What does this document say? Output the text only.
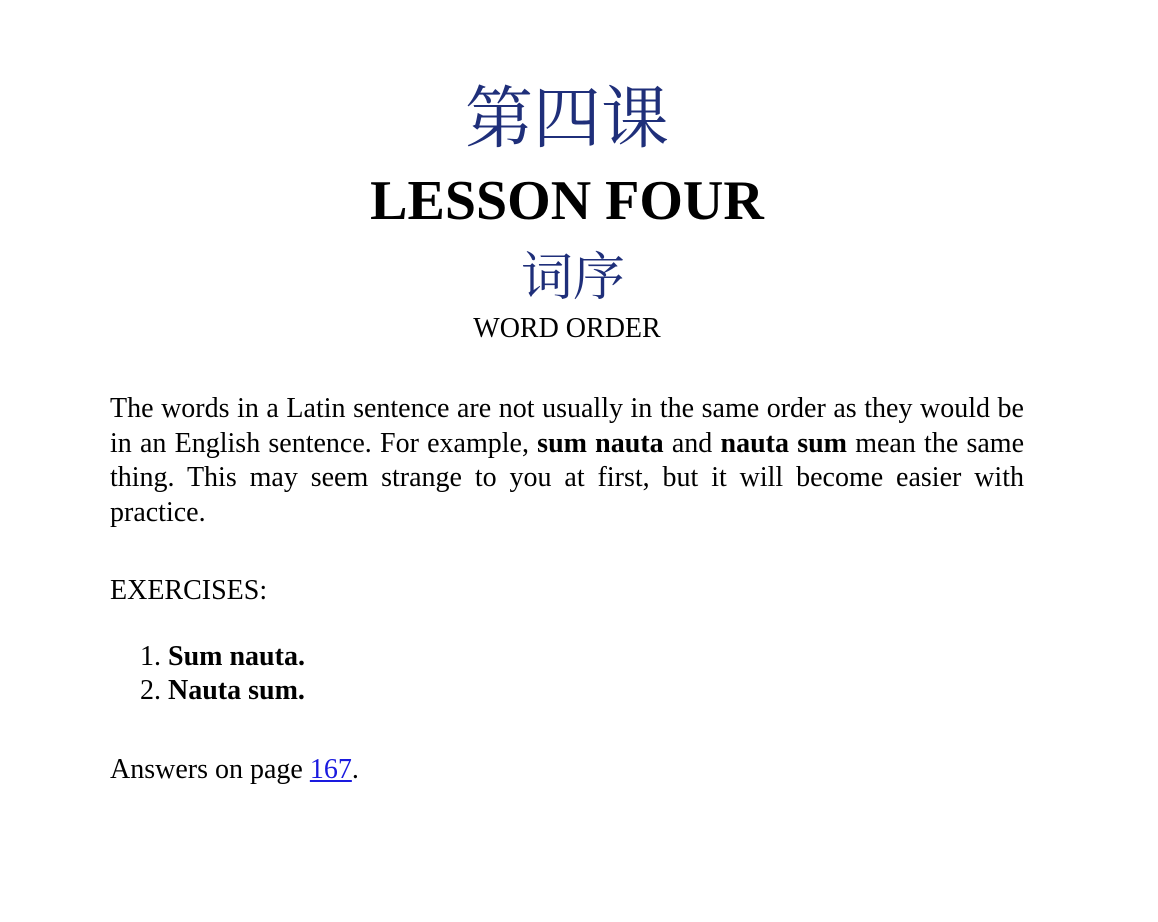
第四课
LESSON FOUR
词序
WORD ORDER

The words in a Latin sentence are not usually in the same order as they would be in an English sentence. For example, sum nauta and nauta sum mean the same thing. This may seem strange to you at first, but it will become easier with practice.

EXERCISES:

1. Sum nauta.
2. Nauta sum.

Answers on page 167.
